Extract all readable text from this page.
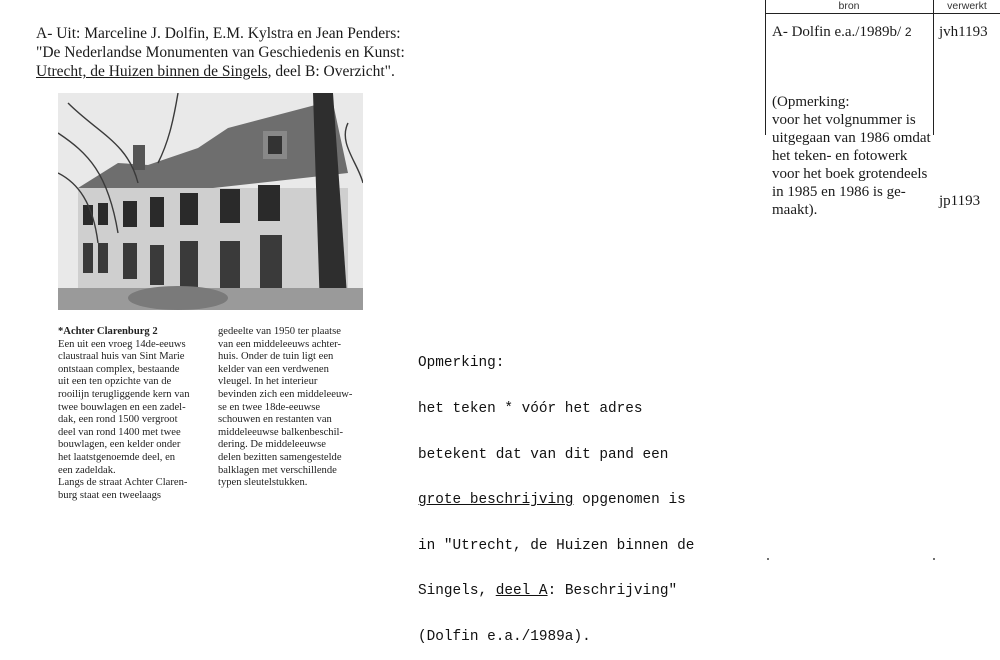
A- Uit: Marceline J. Dolfin, E.M. Kylstra en Jean Penders:
"De Nederlandse Monumenten van Geschiedenis en Kunst:
Utrecht, de Huizen binnen de Singels, deel B: Overzicht".
*Achter Clarenburg 2
Een uit een vroeg 14de-eeuws
claustraal huis van Sint Marie
ontstaan complex, bestaande
uit een ten opzichte van de
rooilijn terugliggende kern van
twee bouwlagen en een zadel-
dak, een rond 1500 vergroot
deel van rond 1400 met twee
bouwlagen, een kelder onder
het laatstgenoemde deel, en
een zadeldak.
Langs de straat Achter Claren-
burg staat een tweelaags
gedeelte van 1950 ter plaatse
van een middeleeuws achter-
huis. Onder de tuin ligt een
kelder van een verdwenen
vleugel. In het interieur
bevinden zich een middeleeuw-
se en twee 18de-eeuwse
schouwen en restanten van
middeleeuwse balkenbeschil-
dering. De middeleeuwse
delen bezitten samengestelde
balklagen met verschillende
typen sleutelstukken.

Opmerking:

het teken * vóór het adres

betekent dat van dit pand een

grote beschrijving opgenomen is

in "Utrecht, de Huizen binnen de

Singels, deel A: Beschrijving"

(Dolfin e.a./1989a).

bron	verwerkt
A- Dolfin e.a./1989b/ 2 jvh1193
(Opmerking:
voor het volgnummer is
uitgegaan van 1986 omdat
het teken- en fotowerk
voor het boek grotendeels
in 1985 en 1986 is ge-
maakt).
jp1193
